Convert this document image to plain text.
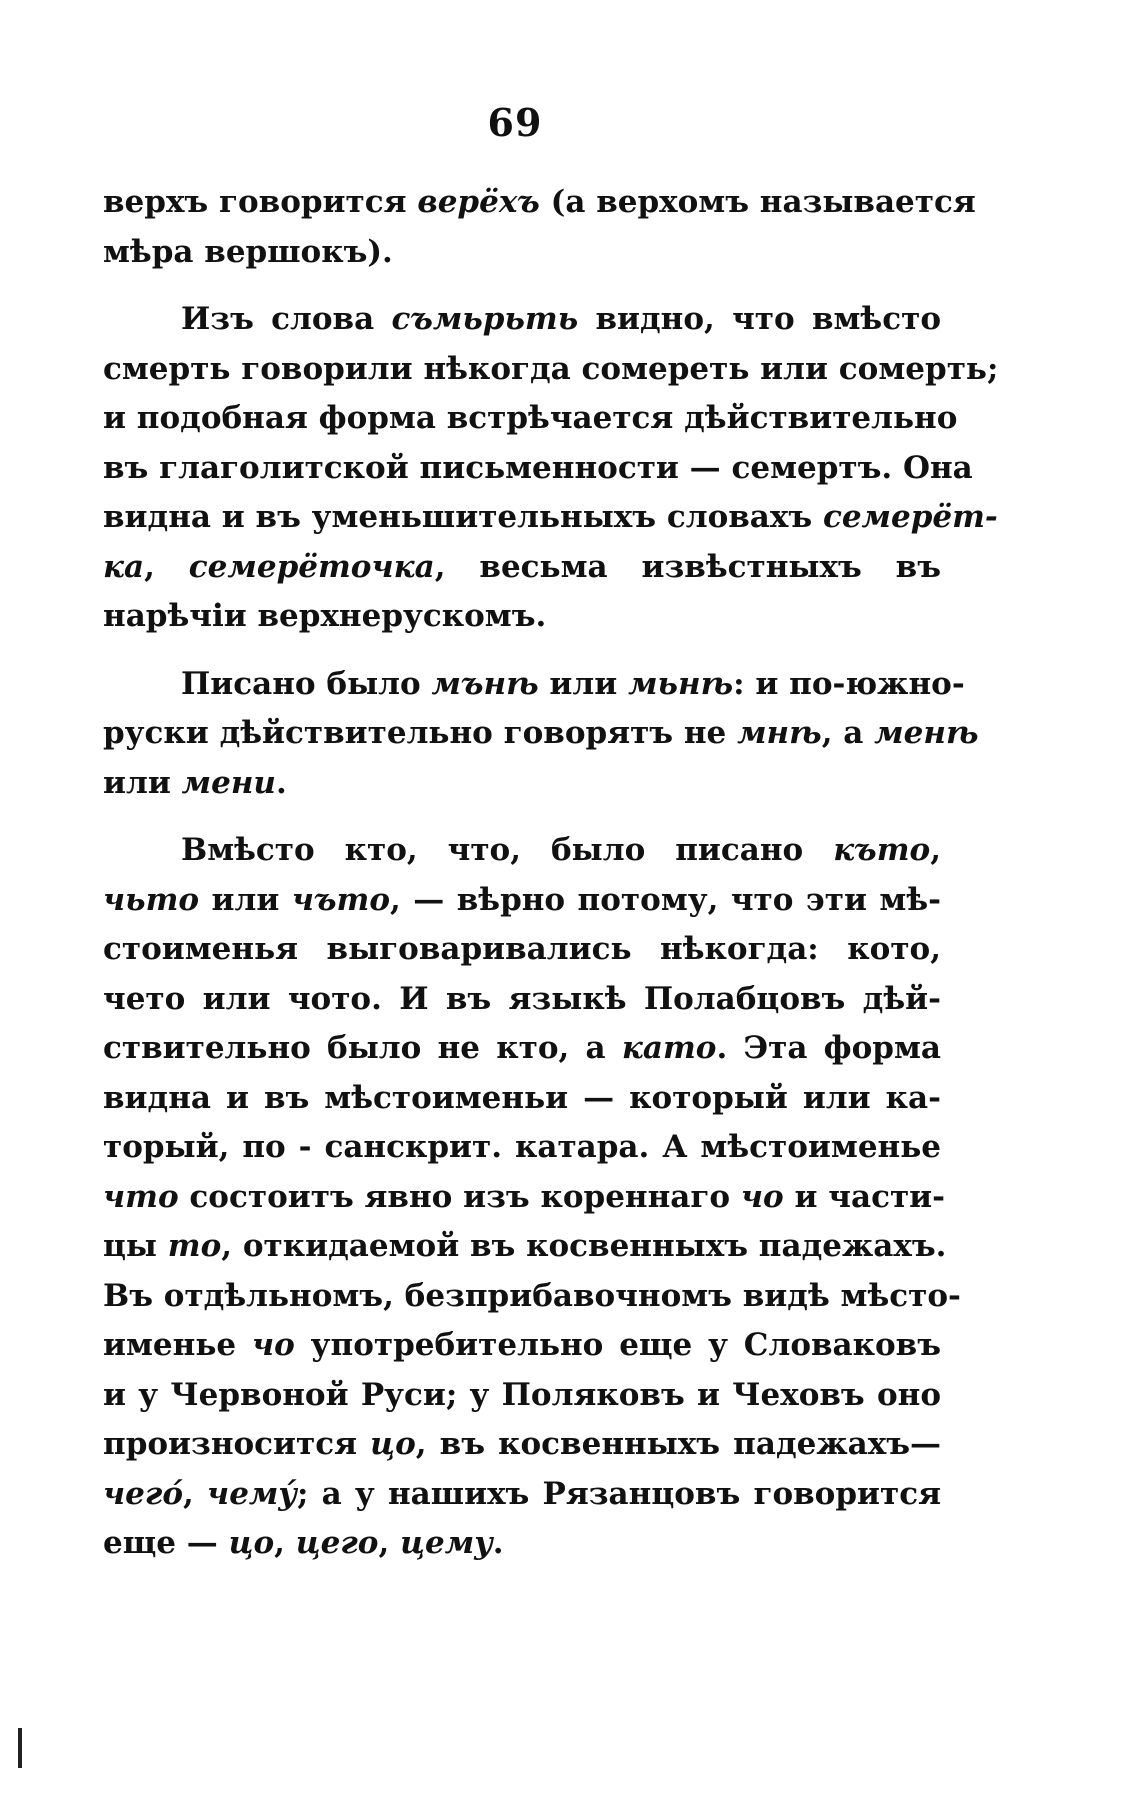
69
верхъ говорится верёхъ (а верхомъ называется
мѣра вершокъ).
Изъ слова съмьрьть видно, что вмѣсто
смерть говорили нѣкогда сомереть или сомерть;
и подобная форма встрѣчается дѣйствительно
въ глаголитской письменности — семертъ. Она
видна и въ уменьшительныхъ словахъ семерёт-
ка, семерёточка, весьма извѣстныхъ въ
нарѣчіи верхнерускомъ.
Писано было мънѣ или мьнѣ: и по-южно-
руски дѣйствительно говорятъ не мнѣ, а менѣ
или мени.
Вмѣсто кто, что, было писано къто,
чьто или чъто, — вѣрно потому, что эти мѣ-
стоименья выговаривались нѣкогда: кото,
чето или чото. И въ языкѣ Полабцовъ дѣй-
ствительно было не кто, а като. Эта форма
видна и въ мѣстоименьи — который или ка-
торый, по - санскрит. катара. А мѣстоименье
что состоитъ явно изъ кореннаго чо и части-
цы то, откидаемой въ косвенныхъ падежахъ.
Въ отдѣльномъ, безприбавочномъ видѣ мѣсто-
именье чо употребительно еще у Словаковъ
и у Червоной Руси; у Поляковъ и Чеховъ оно
произносится цо, въ косвенныхъ падежахъ—
чего́, чему́; а у нашихъ Рязанцовъ говорится
еще — цо, цего, цему.
